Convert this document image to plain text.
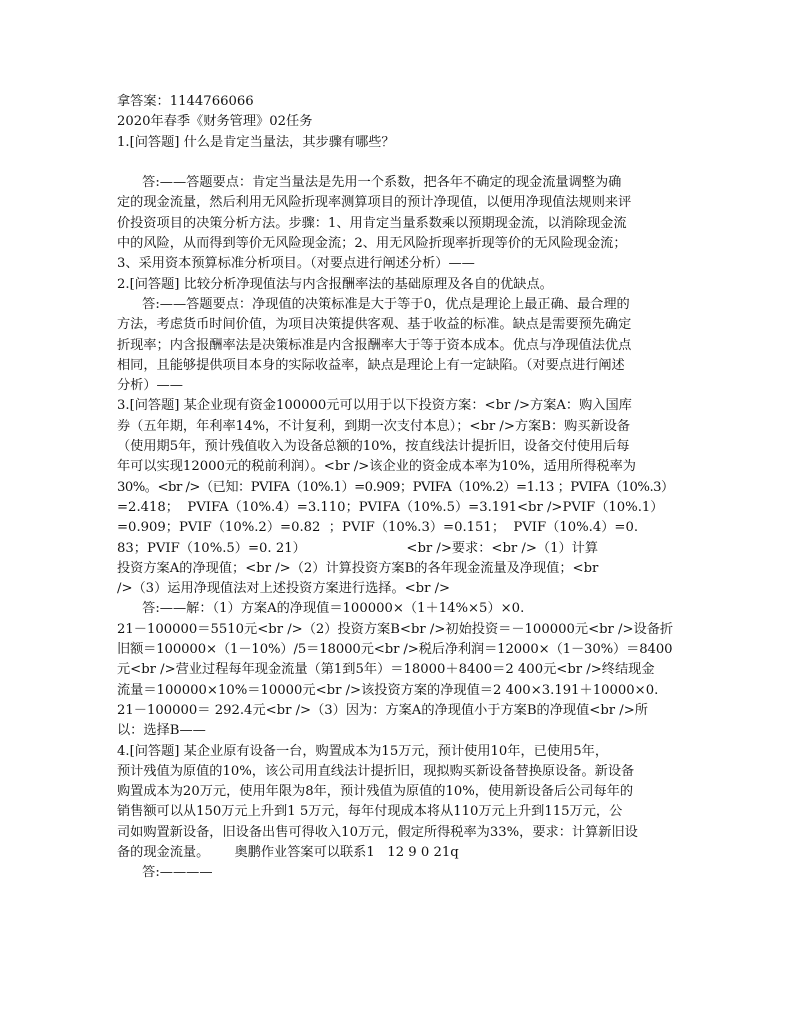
拿答案：1144766066
2020年春季《财务管理》02任务
1.[问答题] 什么是肯定当量法，其步骤有哪些？
答:——答题要点：肯定当量法是先用一个系数，把各年不确定的现金流量调整为确
定的现金流量，然后利用无风险折现率测算项目的预计净现值，以便用净现值法规则来评
价投资项目的决策分析方法。步骤：1、用肯定当量系数乘以预期现金流，以消除现金流
中的风险，从而得到等价无风险现金流；2、用无风险折现率折现等价的无风险现金流；
3、采用资本预算标准分析项目。（对要点进行阐述分析）——
2.[问答题] 比较分析净现值法与内含报酬率法的基础原理及各自的优缺点。
答:——答题要点：净现值的决策标准是大于等于0，优点是理论上最正确、最合理的
方法，考虑货币时间价值，为项目决策提供客观、基于收益的标准。缺点是需要预先确定
折现率；内含报酬率法是决策标准是内含报酬率大于等于资本成本。优点与净现值法优点
相同，且能够提供项目本身的实际收益率，缺点是理论上有一定缺陷。（对要点进行阐述
分析）——
3.[问答题] 某企业现有资金100000元可以用于以下投资方案：<br />方案A：购入国库
券（五年期，年利率14%，不计复利，到期一次支付本息）；<br />方案B：购买新设备
（使用期5年，预计残值收入为设备总额的10%，按直线法计提折旧，设备交付使用后每
年可以实现12000元的税前利润）。<br />该企业的资金成本率为10%，适用所得税率为
30%。<br />（已知：PVIFA（10%.1）=0.909；PVIFA（10%.2）=1.13 ；PVIFA（10%.3）
=2.418；  PVIFA（10%.4）=3.110；PVIFA（10%.5）=3.191<br />PVIF（10%.1）
=0.909；PVIF（10%.2）=0.82  ；PVIF（10%.3）=0.151；  PVIF（10%.4）=0.
83；PVIF（10%.5）=0. 21）                        <br />要求：<br />（1）计算
投资方案A的净现值；<br />（2）计算投资方案B的各年现金流量及净现值；<br
/>（3）运用净现值法对上述投资方案进行选择。<br />
答:——解：（1）方案A的净现值＝100000×（1＋14%×5）×0.
21－100000＝5510元<br />（2）投资方案B<br />初始投资＝－100000元<br />设备折
旧额＝100000×（1－10%）/5＝18000元<br />税后净利润＝12000×（1－30%）＝8400
元<br />营业过程每年现金流量（第1到5年）＝18000＋8400＝2 400元<br />终结现金
流量＝100000×10%＝10000元<br />该投资方案的净现值＝2 400×3.191＋10000×0.
21－100000＝ 292.4元<br />（3）因为：方案A的净现值小于方案B的净现值<br />所
以：选择B——
4.[问答题] 某企业原有设备一台，购置成本为15万元，预计使用10年，已使用5年，
预计残值为原值的10%，该公司用直线法计提折旧，现拟购买新设备替换原设备。新设备
购置成本为20万元，使用年限为8年，预计残值为原值的10%，使用新设备后公司每年的
销售额可以从150万元上升到1 5万元，每年付现成本将从110万元上升到115万元，公
司如购置新设备，旧设备出售可得收入10万元，假定所得税率为33%，要求：计算新旧设
备的现金流量。      奥鹏作业答案可以联系1   12 9 0 21q
答:————
